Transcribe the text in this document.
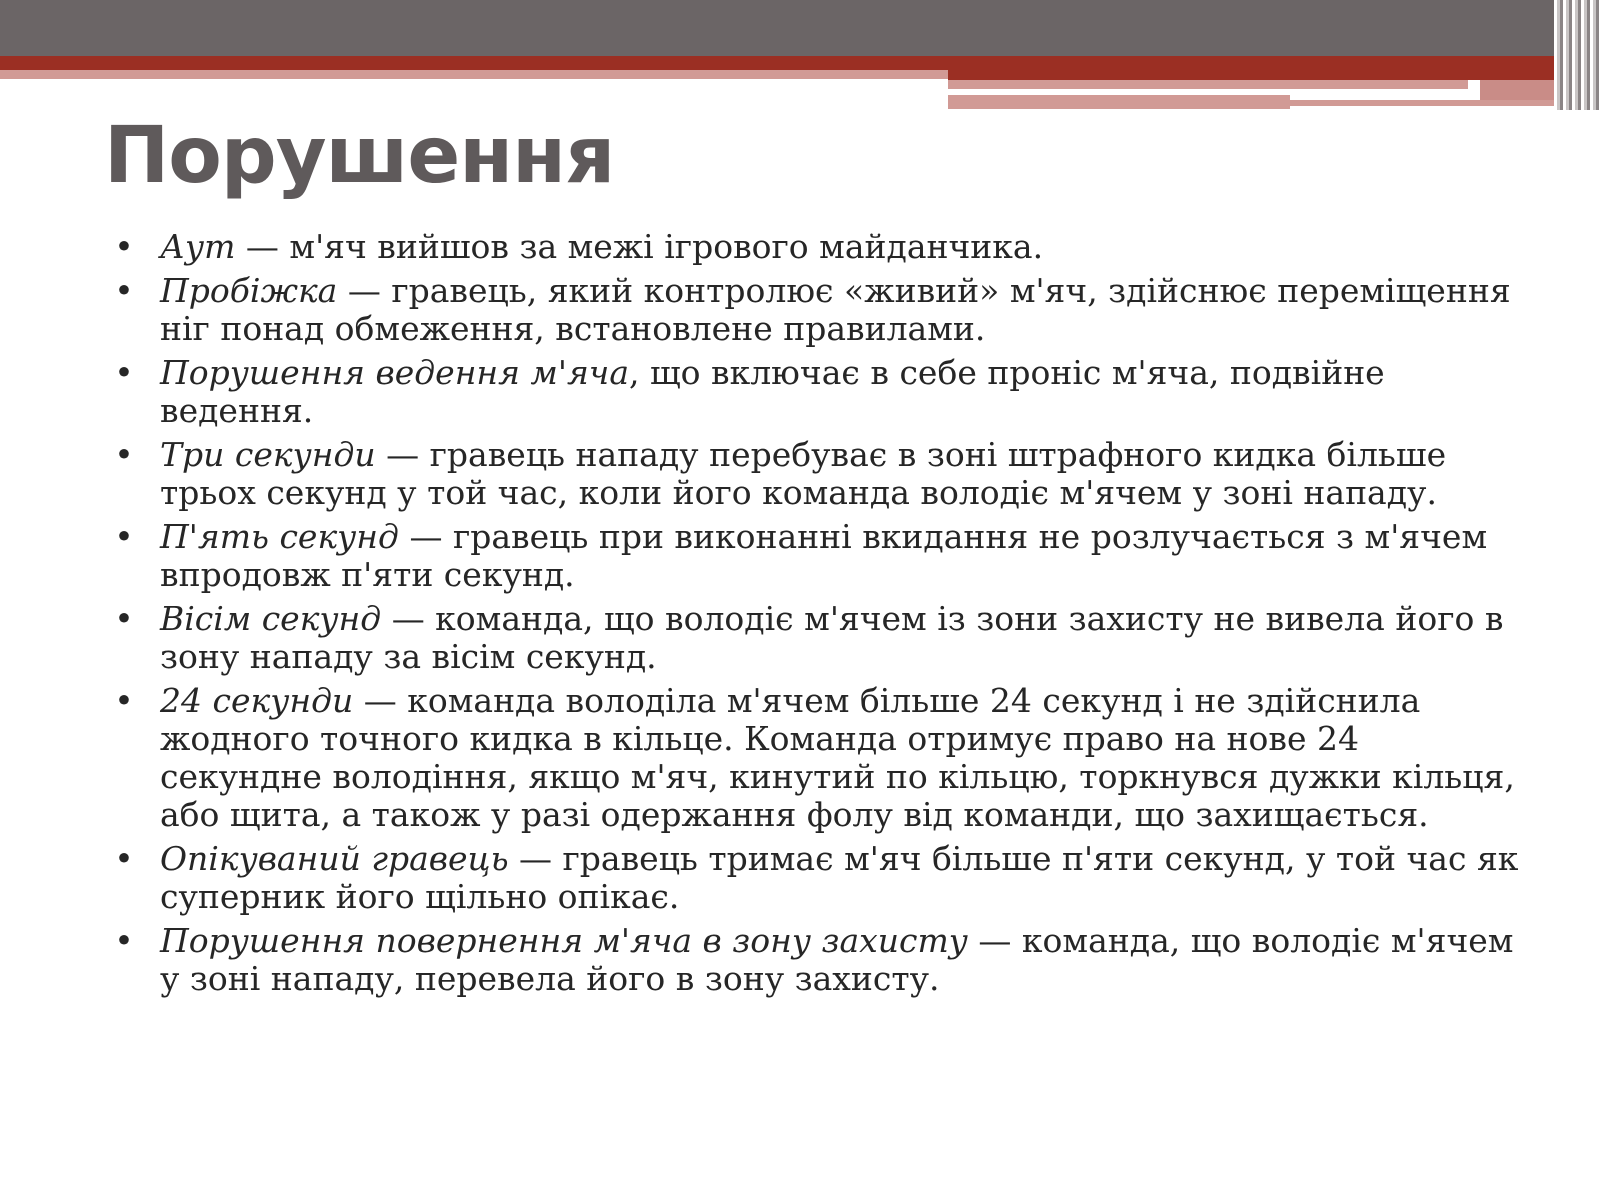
Порушення
• Аут — м'яч вийшов за межі ігрового майданчика.
• Пробіжка — гравець, який контролює «живий» м'яч, здійснює переміщення ніг понад обмеження, встановлене правилами.
• Порушення ведення м'яча, що включає в себе проніс м'яча, подвійне ведення.
• Три секунди — гравець нападу перебуває в зоні штрафного кидка більше трьох секунд у той час, коли його команда володіє м'ячем у зоні нападу.
• П'ять секунд — гравець при виконанні вкидання не розлучається з м'ячем впродовж п'яти секунд.
• Вісім секунд — команда, що володіє м'ячем із зони захисту не вивела його в зону нападу за вісім секунд.
• 24 секунди — команда володіла м'ячем більше 24 секунд і не здійснила жодного точного кидка в кільце. Команда отримує право на нове 24 секундне володіння, якщо м'яч, кинутий по кільцю, торкнувся дужки кільця, або щита, а також у разі одержання фолу від команди, що захищається.
• Опікуваний гравець — гравець тримає м'яч більше п'яти секунд, у той час як суперник його щільно опікає.
• Порушення повернення м'яча в зону захисту — команда, що володіє м'ячем у зоні нападу, перевела його в зону захисту.
